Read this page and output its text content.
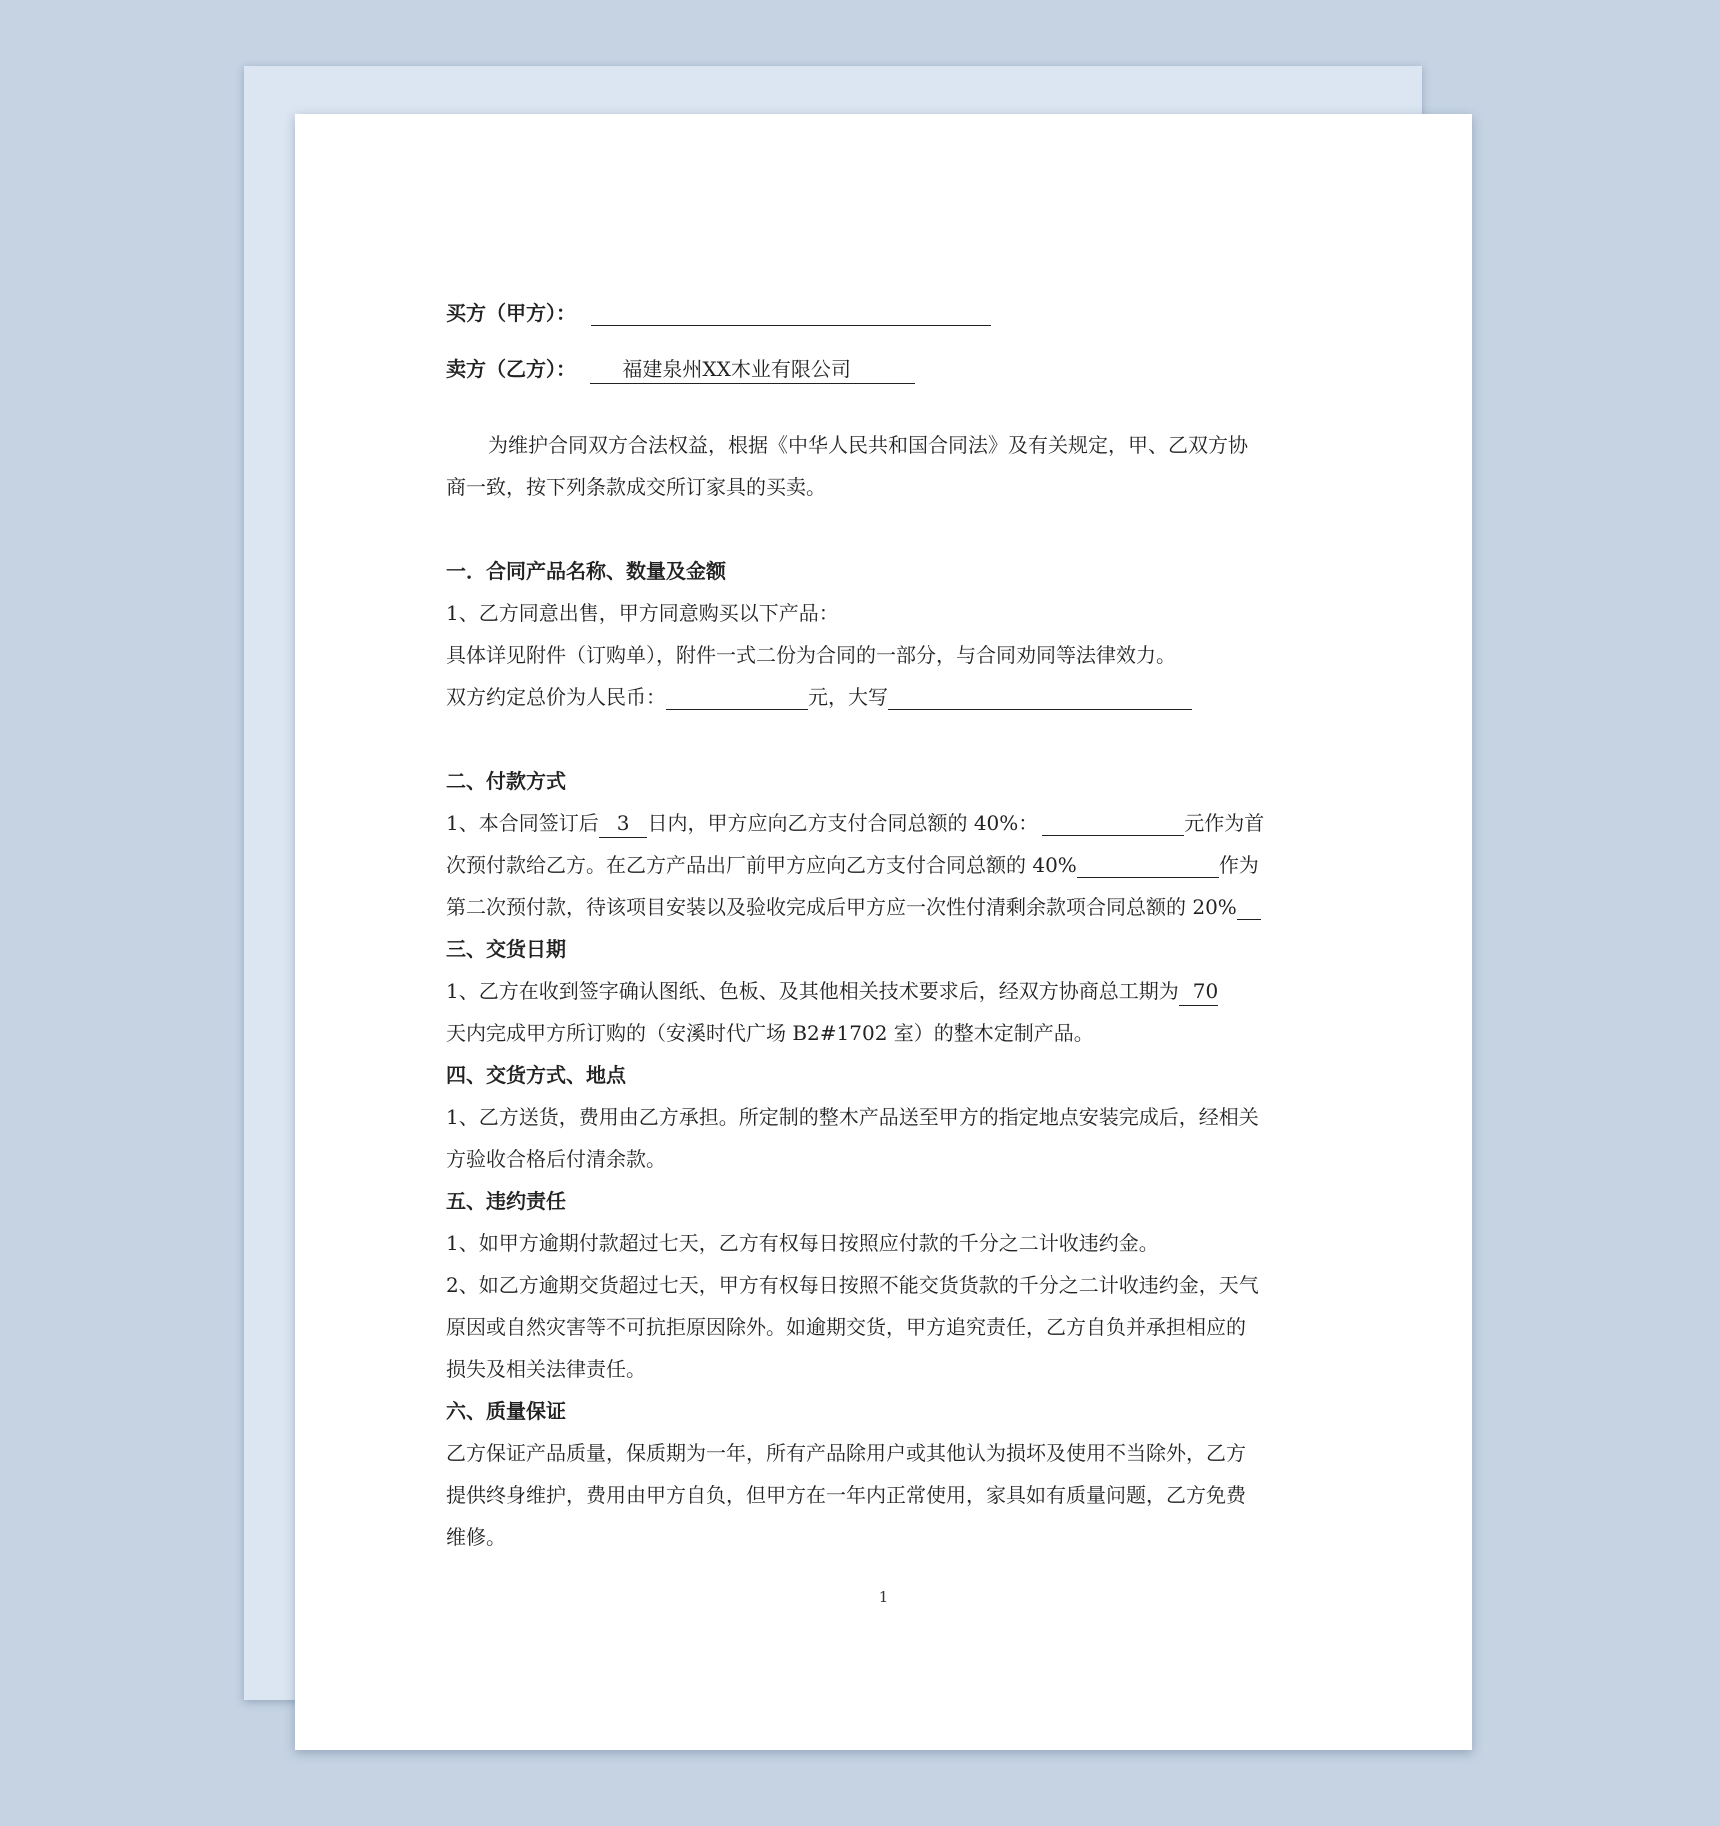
买方（甲方）：
卖方（乙方）： 福建泉州XX木业有限公司
为维护合同双方合法权益，根据《中华人民共和国合同法》及有关规定，甲、乙双方协
商一致，按下列条款成交所订家具的买卖。
一．合同产品名称、数量及金额
1、乙方同意出售，甲方同意购买以下产品：
具体详见附件（订购单），附件一式二份为合同的一部分，与合同劝同等法律效力。
双方约定总价为人民币：	元，大写
二、付款方式
1、本合同签订后 3 日内，甲方应向乙方支付合同总额的 40%：	元作为首
次预付款给乙方。在乙方产品出厂前甲方应向乙方支付合同总额的 40%	作为
第二次预付款，待该项目安装以及验收完成后甲方应一次性付清剩余款项合同总额的 20%
三、交货日期
1、乙方在收到签字确认图纸、色板、及其他相关技术要求后，经双方协商总工期为 70
天内完成甲方所订购的（安溪时代广场 B2#1702 室）的整木定制产品。
四、交货方式、地点
1、乙方送货，费用由乙方承担。所定制的整木产品送至甲方的指定地点安装完成后，经相关
方验收合格后付清余款。
五、违约责任
1、如甲方逾期付款超过七天，乙方有权每日按照应付款的千分之二计收违约金。
2、如乙方逾期交货超过七天，甲方有权每日按照不能交货货款的千分之二计收违约金，天气
原因或自然灾害等不可抗拒原因除外。如逾期交货，甲方追究责任，乙方自负并承担相应的
损失及相关法律责任。
六、质量保证
乙方保证产品质量，保质期为一年，所有产品除用户或其他认为损坏及使用不当除外，乙方
提供终身维护，费用由甲方自负，但甲方在一年内正常使用，家具如有质量问题，乙方免费
维修。
1
